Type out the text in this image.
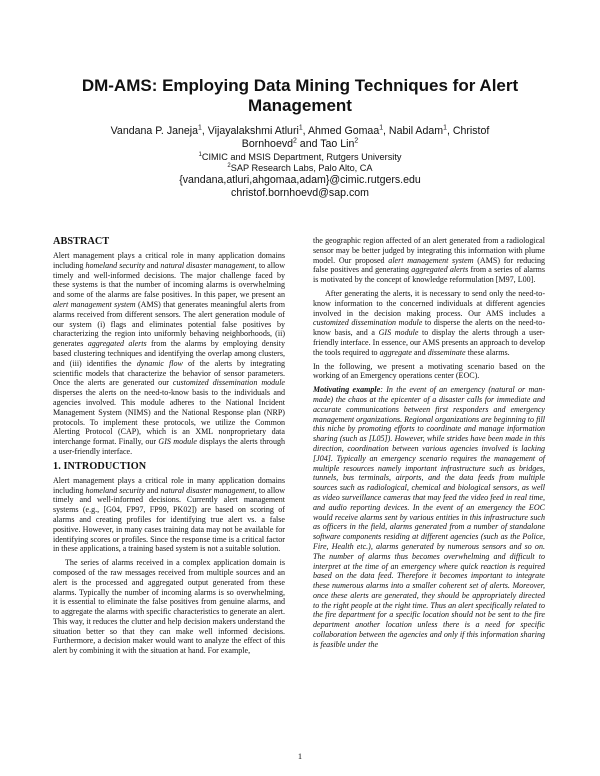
DM-AMS: Employing Data Mining Techniques for Alert Management
Vandana P. Janeja$^1$, Vijayalakshmi Atluri$^1$, Ahmed Gomaa$^1$, Nabil Adam$^1$, Christof
Bornhoevd$^2$ and Tao Lin$^2$
$^1$CIMIC and MSIS Department, Rutgers University
$^2$SAP Research Labs, Palo Alto, CA
{vandana,atluri,ahgomaa,adam}@cimic.rutgers.edu
christof.bornhoevd@sap.com
ABSTRACT

Alert management plays a critical role in many application domains including homeland security and natural disaster management, to allow timely and well-informed decisions. The major challenge faced by these systems is that the number of incoming alarms is overwhelming and some of the alarms are false positives. In this paper, we present an alert management system (AMS) that generates meaningful alerts from alarms received from different sensors. The alert generation module of our system (i) flags and eliminates potential false positives by characterizing the region into uniformly behaving neighborhoods, (ii) generates aggregated alerts from the alarms by employing density based clustering techniques and identifying the overlap among clusters, and (iii) identifies the dynamic flow of the alerts by integrating scientific models that characterize the behavior of sensor parameters. Once the alerts are generated our customized dissemination module disperses the alerts on the need-to-know basis to the individuals and agencies involved. This module adheres to the National Incident Management System (NIMS) and the National Response plan (NRP) protocols. To implement these protocols, we utilize the Common Alerting Protocol (CAP), which is an XML nonproprietary data interchange format. Finally, our GIS module displays the alerts through a user-friendly interface.

1. INTRODUCTION

Alert management plays a critical role in many application domains including homeland security and natural disaster management, to allow timely and well-informed decisions. Currently alert management systems (e.g., [G04, FP97, FP99, PK02]) are based on scoring of alarms and creating profiles for identifying true alert vs. a false positive. However, in many cases training data may not be available for identifying scores or profiles. Since the response time is a critical factor in these applications, a training based system is not a suitable solution.

The series of alarms received in a complex application domain is composed of the raw messages received from multiple sources and an alert is the processed and aggregated output generated from these alarms. Typically the number of incoming alarms is so overwhelming, it is essential to eliminate the false positives from genuine alarms, and to aggregate the alarms with specific characteristics to generate an alert. This way, it reduces the clutter and help decision makers understand the situation better so that they can make well informed decisions. Furthermore, a decision maker would want to analyze the effect of this alert by combining it with the situation at hand. For example,

the geographic region affected of an alert generated from a radiological sensor may be better judged by integrating this information with plume model. Our proposed alert management system (AMS) for reducing false positives and generating aggregated alerts from a series of alarms is motivated by the concept of knowledge reformulation [M97, L00].

After generating the alerts, it is necessary to send only the need-to-know information to the concerned individuals at different agencies involved in the decision making process. Our AMS includes a customized dissemination module to disperse the alerts on the need-to-know basis, and a GIS module to display the alerts through a user-friendly interface. In essence, our AMS presents an approach to develop the tools required to aggregate and disseminate these alarms.

In the following, we present a motivating scenario based on the working of an Emergency operations center (EOC).

Motivating example: In the event of an emergency (natural or man-made) the chaos at the epicenter of a disaster calls for immediate and accurate communications between first responders and emergency management organizations. Regional organizations are beginning to fill this niche by promoting efforts to coordinate and manage information sharing (such as [L05]). However, while strides have been made in this direction, coordination between various agencies involved is lacking [J04]. Typically an emergency scenario requires the management of multiple resources namely important infrastructure such as bridges, tunnels, bus terminals, airports, and the data feeds from multiple sources such as radiological, chemical and biological sensors, as well as video surveillance cameras that may feed the video feed in real time, and audio reporting devices. In the event of an emergency the EOC would receive alarms sent by various entities in this infrastructure such as officers in the field, alarms generated from a number of standalone software components residing at different agencies (such as the Police, Fire, Health etc.), alarms generated by numerous sensors and so on. The number of alarms thus becomes overwhelming and difficult to interpret at the time of an emergency where quick reaction is required based on the data feed. Therefore it becomes important to integrate these numerous alarms into a smaller coherent set of alerts. Moreover, once these alerts are generated, they should be appropriately directed to the right people at the right time. Thus an alert specifically related to the fire department for a specific location should not be sent to the fire department another location unless there is a need for specific collaboration between the agencies and only if this information sharing is feasible under the

1
